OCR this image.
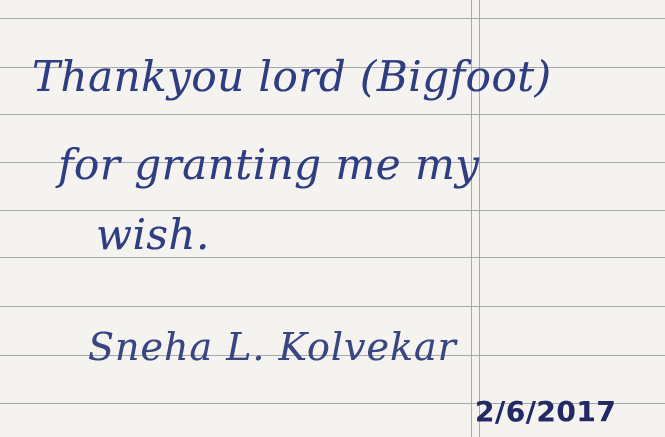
Thankyou lord (Bigfoot)
for granting me my
wish.
Sneha L. Kolvekar
2/6/2017
